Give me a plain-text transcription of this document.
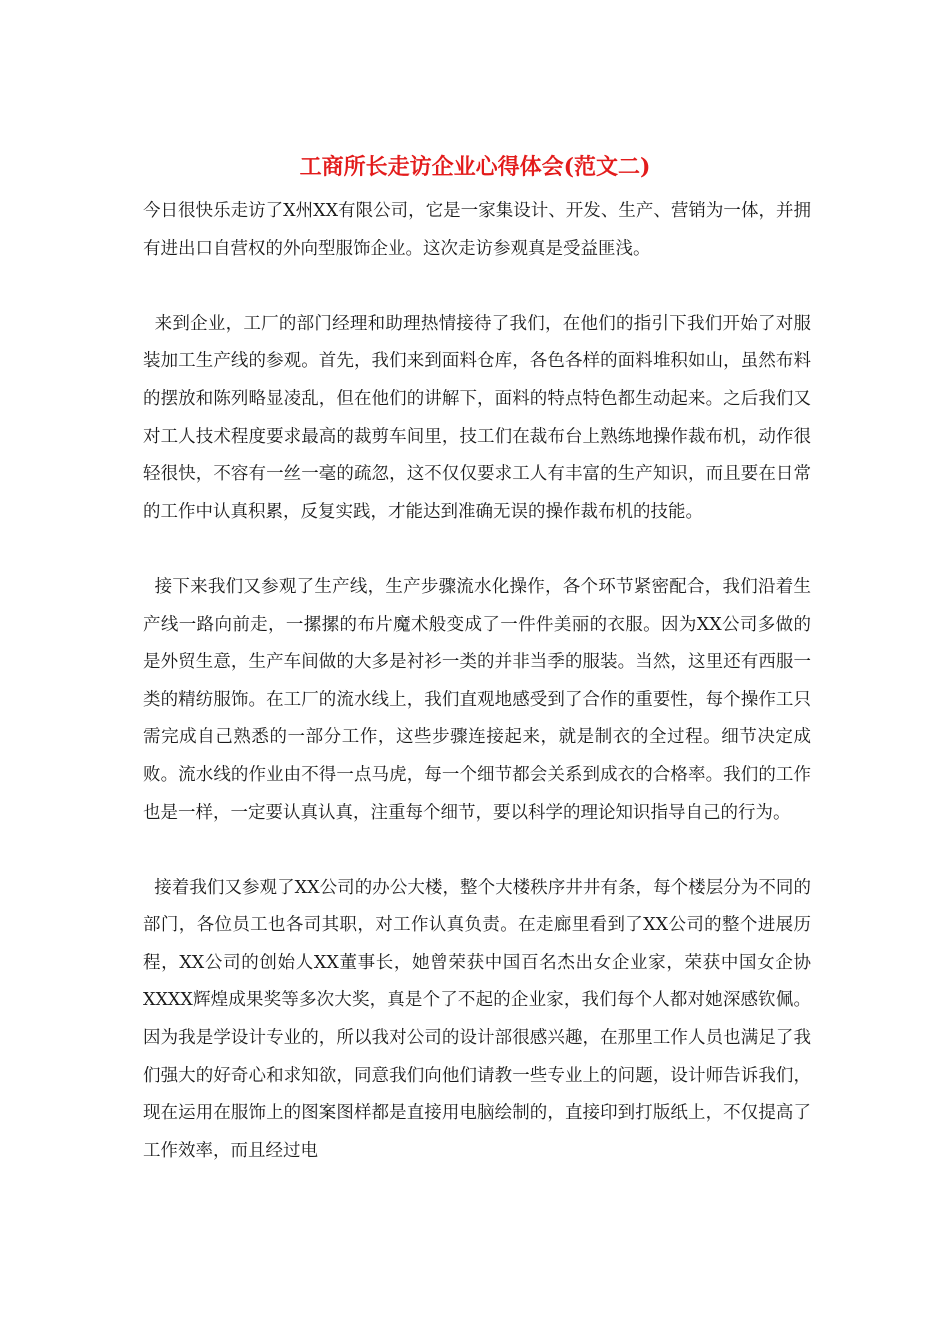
工商所长走访企业心得体会(范文二)

今日很快乐走访了X州XX有限公司，它是一家集设计、开发、生产、营销为一体，并拥有进出口自营权的外向型服饰企业。这次走访参观真是受益匪浅。

来到企业，工厂的部门经理和助理热情接待了我们，在他们的指引下我们开始了对服装加工生产线的参观。首先，我们来到面料仓库，各色各样的面料堆积如山，虽然布料的摆放和陈列略显凌乱，但在他们的讲解下，面料的特点特色都生动起来。之后我们又对工人技术程度要求最高的裁剪车间里，技工们在裁布台上熟练地操作裁布机，动作很轻很快，不容有一丝一毫的疏忽，这不仅仅要求工人有丰富的生产知识，而且要在日常的工作中认真积累，反复实践，才能达到准确无误的操作裁布机的技能。

接下来我们又参观了生产线，生产步骤流水化操作，各个环节紧密配合，我们沿着生产线一路向前走，一摞摞的布片魔术般变成了一件件美丽的衣服。因为XX公司多做的是外贸生意，生产车间做的大多是衬衫一类的并非当季的服装。当然，这里还有西服一类的精纺服饰。在工厂的流水线上，我们直观地感受到了合作的重要性，每个操作工只需完成自己熟悉的一部分工作，这些步骤连接起来，就是制衣的全过程。细节决定成败。流水线的作业由不得一点马虎，每一个细节都会关系到成衣的合格率。我们的工作也是一样，一定要认真认真，注重每个细节，要以科学的理论知识指导自己的行为。

接着我们又参观了XX公司的办公大楼，整个大楼秩序井井有条，每个楼层分为不同的部门，各位员工也各司其职，对工作认真负责。在走廊里看到了XX公司的整个进展历程，XX公司的创始人XX董事长，她曾荣获中国百名杰出女企业家，荣获中国女企协XXXX辉煌成果奖等多次大奖，真是个了不起的企业家，我们每个人都对她深感钦佩。因为我是学设计专业的，所以我对公司的设计部很感兴趣，在那里工作人员也满足了我们强大的好奇心和求知欲，同意我们向他们请教一些专业上的问题，设计师告诉我们，现在运用在服饰上的图案图样都是直接用电脑绘制的，直接印到打版纸上，不仅提高了工作效率，而且经过电
